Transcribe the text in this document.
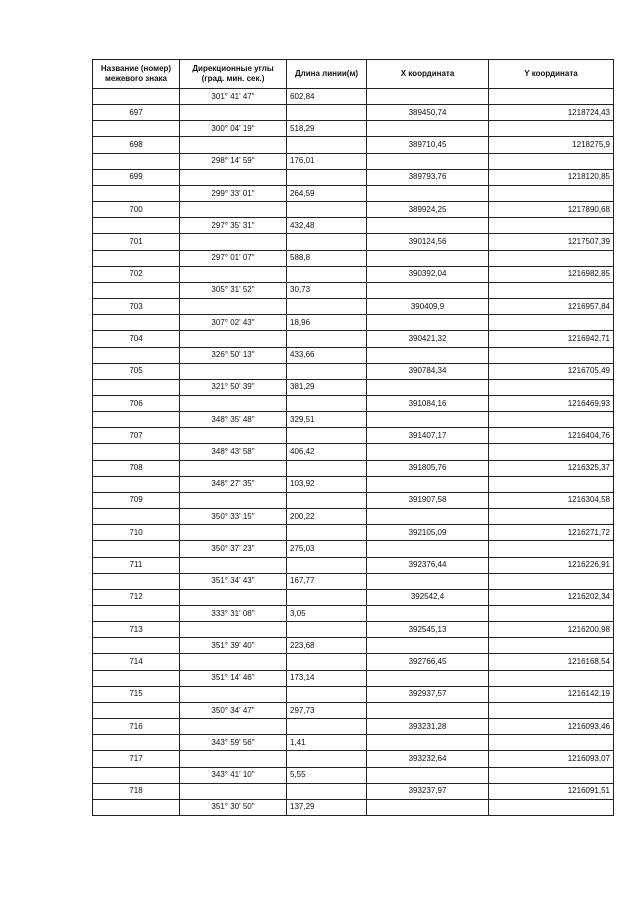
Название (номер) межевого знака	Дирекционные углы (град. мин. сек.)	Длина линии(м)	X координата	Y координата
	301° 41' 47"	602,84		
697			389450,74	1218724,43
	300° 04' 19"	518,29		
698			389710,45	1218275,9
	298° 14' 59"	176,01		
699			389793,76	1218120,85
	299° 33' 01"	264,59		
700			389924,25	1217890,68
	297° 35' 31"	432,48		
701			390124,56	1217507,39
	297° 01' 07"	588,8		
702			390392,04	1216982,85
	305° 31' 52"	30,73		
703			390409,9	1216957,84
	307° 02' 43"	18,96		
704			390421,32	1216942,71
	326° 50' 13"	433,66		
705			390784,34	1216705,49
	321° 50' 39"	381,29		
706			391084,16	1216469,93
	348° 35' 48"	329,51		
707			391407,17	1216404,76
	348° 43' 58"	406,42		
708			391805,76	1216325,37
	348° 27' 35"	103,92		
709			391907,58	1216304,58
	350° 33' 15"	200,22		
710			392105,09	1216271,72
	350° 37' 23"	275,03		
711			392376,44	1216226,91
	351° 34' 43"	167,77		
712			392542,4	1216202,34
	333° 31' 08"	3,05		
713			392545,13	1216200,98
	351° 39' 40"	223,68		
714			392766,45	1216168,54
	351° 14' 46"	173,14		
715			392937,57	1216142,19
	350° 34' 47"	297,73		
716			393231,28	1216093,46
	343° 59' 56"	1,41		
717			393232,64	1216093,07
	343° 41' 10"	5,55		
718			393237,97	1216091,51
	351° 30' 50"	137,29		
